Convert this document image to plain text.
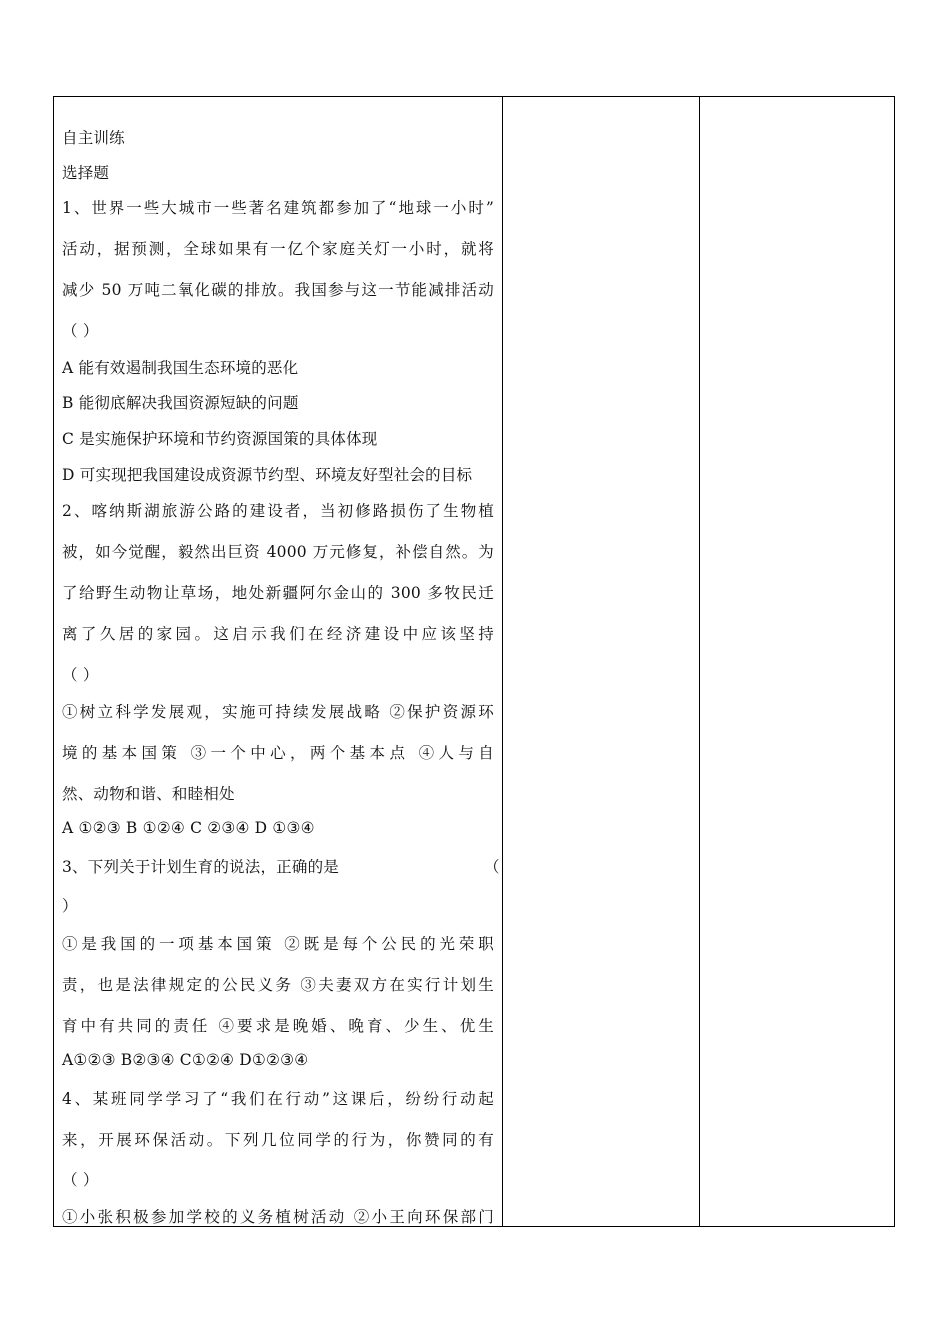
自主训练
选择题
1、世界一些大城市一些著名建筑都参加了“地球一小时”
活动，据预测，全球如果有一亿个家庭关灯一小时，就将
减少 50 万吨二氧化碳的排放。我国参与这一节能减排活动
（ ）
A 能有效遏制我国生态环境的恶化
B 能彻底解决我国资源短缺的问题
C 是实施保护环境和节约资源国策的具体体现
D 可实现把我国建设成资源节约型、环境友好型社会的目标
2、喀纳斯湖旅游公路的建设者，当初修路损伤了生物植
被，如今觉醒，毅然出巨资 4000 万元修复，补偿自然。为
了给野生动物让草场，地处新疆阿尔金山的 300 多牧民迁
离了久居的家园。这启示我们在经济建设中应该坚持
（ ）
①树立科学发展观，实施可持续发展战略 ②保护资源环
境的基本国策 ③一个中心，两个基本点 ④人与自
然、动物和谐、和睦相处
A ①②③ B ①②④ C ②③④ D ①③④
3、下列关于计划生育的说法，正确的是	（
）
①是我国的一项基本国策 ②既是每个公民的光荣职
责，也是法律规定的公民义务 ③夫妻双方在实行计划生
育中有共同的责任 ④要求是晚婚、晚育、少生、优生
A①②③ B②③④ C①②④ D①②③④
4、某班同学学习了“我们在行动”这课后，纷纷行动起
来，开展环保活动。下列几位同学的行为，你赞同的有
（ ）
①小张积极参加学校的义务植树活动 ②小王向环保部门
